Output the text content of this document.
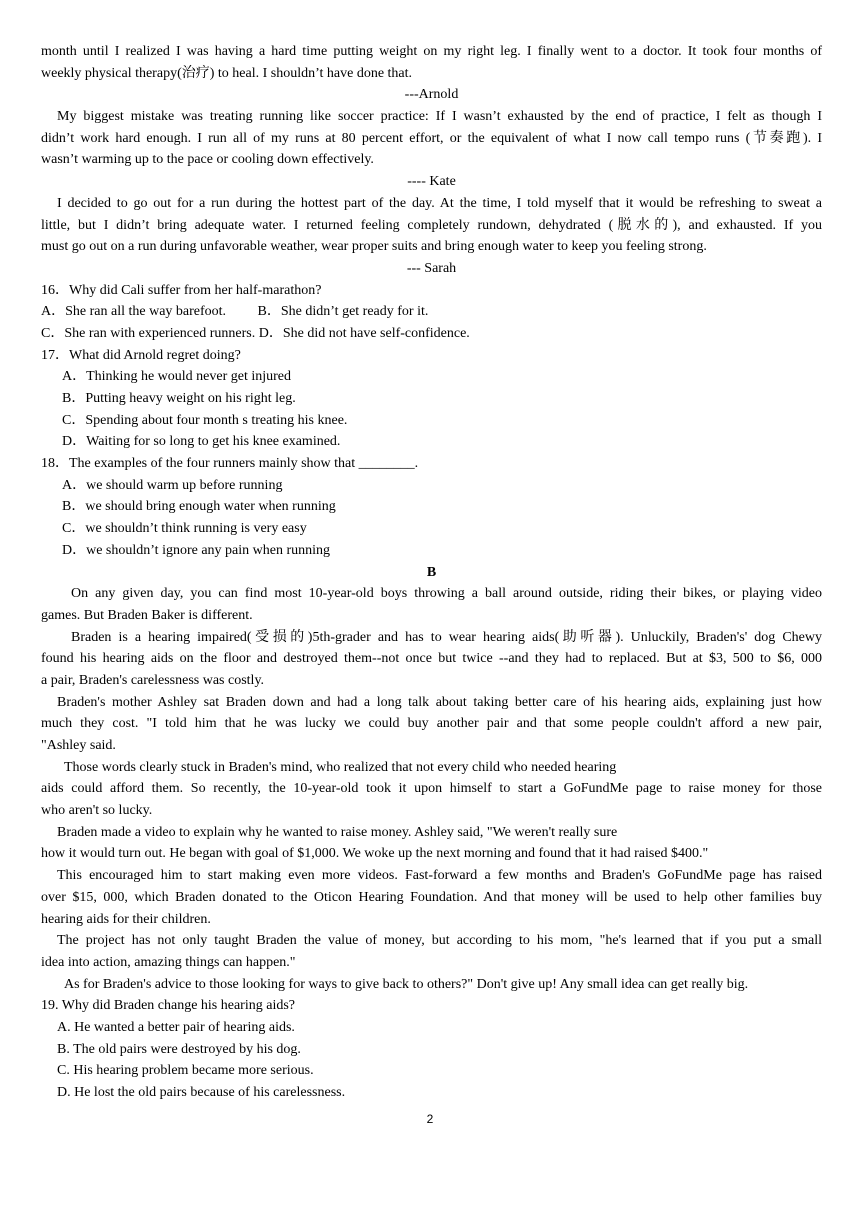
month until I realized I was having a hard time putting weight on my right leg. I finally went to a doctor. It took four months of
weekly physical therapy(治疗) to heal. I shouldn’t have done that.
---Arnold
My biggest mistake was treating running like soccer practice: If I wasn’t exhausted by the end of practice, I felt as though I
didn’t work hard enough. I run all of my runs at 80 percent effort, or the equivalent of what I now call tempo runs (节奏跑). I
wasn’t warming up to the pace or cooling down effectively.
---- Kate
I decided to go out for a run during the hottest part of the day. At the time, I told myself that it would be refreshing to sweat a
little, but I didn’t bring adequate water. I returned feeling completely rundown, dehydrated (脱水的), and exhausted. If you
must go out on a run during unfavorable weather, wear proper suits and bring enough water to keep you feeling strong.
--- Sarah
16．Why did Cali suffer from her half-marathon?
A．She ran all the way barefoot.         B．She didn’t get ready for it.
C．She ran with experienced runners. D．She did not have self-confidence.
17．What did Arnold regret doing?
A．Thinking he would never get injured
B．Putting heavy weight on his right leg.
C．Spending about four month s treating his knee.
D．Waiting for so long to get his knee examined.
18．The examples of the four runners mainly show that ________.
A．we should warm up before running
B．we should bring enough water when running
C．we shouldn’t think running is very easy
D．we shouldn’t ignore any pain when running
B
On any given day, you can find most 10-year-old boys throwing a ball around outside, riding their bikes, or playing video
games. But Braden Baker is different.
Braden is a hearing impaired(受损的)5th-grader and has to wear hearing aids(助听器). Unluckily, Braden's' dog Chewy
found his hearing aids on the floor and destroyed them--not once but twice --and they had to replaced. But at $3, 500 to $6, 000
a pair, Braden's carelessness was costly.
Braden's mother Ashley sat Braden down and had a long talk about taking better care of his hearing aids, explaining just how
much they cost. "I told him that he was lucky we could buy another pair and that some people couldn't afford a new pair,
"Ashley said.
Those words clearly stuck in Braden's mind, who realized that not every child who needed hearing
aids could afford them. So recently, the 10-year-old took it upon himself to start a GoFundMe page to raise money for those
who aren't so lucky.
Braden made a video to explain why he wanted to raise money. Ashley said, "We weren't really sure
how it would turn out. He began with goal of $1,000. We woke up the next morning and found that it had raised $400."
This encouraged him to start making even more videos. Fast-forward a few months and Braden's GoFundMe page has raised
over $15, 000, which Braden donated to the Oticon Hearing Foundation. And that money will be used to help other families buy
hearing aids for their children.
The project has not only taught Braden the value of money, but according to his mom, "he's learned that if you put a small
idea into action, amazing things can happen."
As for Braden's advice to those looking for ways to give back to others?" Don't give up! Any small idea can get really big.
19. Why did Braden change his hearing aids?
A. He wanted a better pair of hearing aids.
B. The old pairs were destroyed by his dog.
C. His hearing problem became more serious.
D. He lost the old pairs because of his carelessness.
2
